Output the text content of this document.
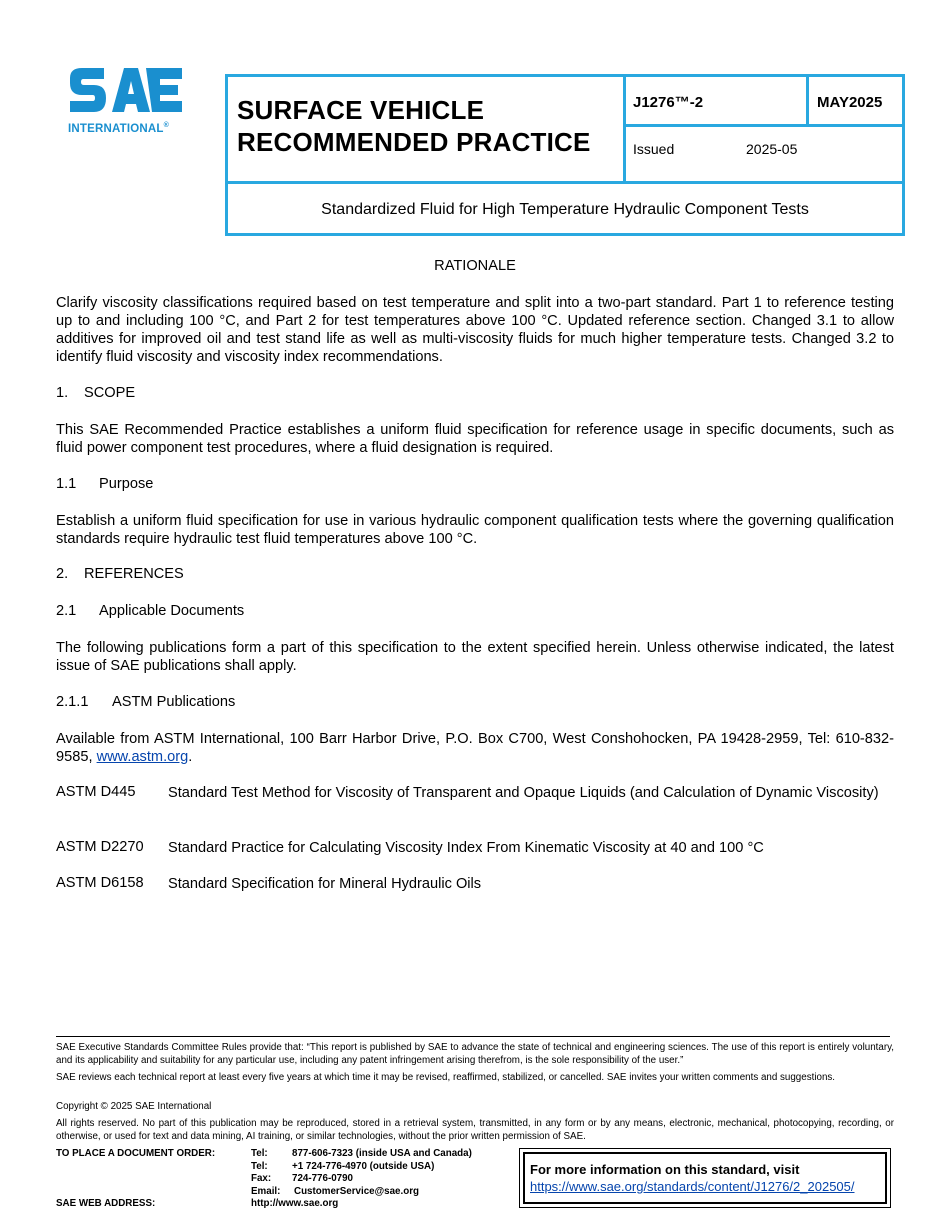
INTERNATIONAL®
SURFACE VEHICLE
RECOMMENDED PRACTICE
J1276™-2	MAY2025
Issued	2025-05
Standardized Fluid for High Temperature Hydraulic Component Tests
RATIONALE
Clarify viscosity classifications required based on test temperature and split into a two-part standard. Part 1 to reference testing up to and including 100 °C, and Part 2 for test temperatures above 100 °C. Updated reference section. Changed 3.1 to allow additives for improved oil and test stand life as well as multi-viscosity fluids for much higher temperature tests. Changed 3.2 to identify fluid viscosity and viscosity index recommendations.
1. SCOPE
This SAE Recommended Practice establishes a uniform fluid specification for reference usage in specific documents, such as fluid power component test procedures, where a fluid designation is required.
1.1 Purpose
Establish a uniform fluid specification for use in various hydraulic component qualification tests where the governing qualification standards require hydraulic test fluid temperatures above 100 °C.
2. REFERENCES
2.1 Applicable Documents
The following publications form a part of this specification to the extent specified herein. Unless otherwise indicated, the latest issue of SAE publications shall apply.
2.1.1 ASTM Publications
Available from ASTM International, 100 Barr Harbor Drive, P.O. Box C700, West Conshohocken, PA 19428-2959, Tel: 610-832-9585, www.astm.org.
ASTM D445 Standard Test Method for Viscosity of Transparent and Opaque Liquids (and Calculation of Dynamic Viscosity)
ASTM D2270 Standard Practice for Calculating Viscosity Index From Kinematic Viscosity at 40 and 100 °C
ASTM D6158 Standard Specification for Mineral Hydraulic Oils
SAE Executive Standards Committee Rules provide that: “This report is published by SAE to advance the state of technical and engineering sciences. The use of this report is entirely voluntary, and its applicability and suitability for any particular use, including any patent infringement arising therefrom, is the sole responsibility of the user.”
SAE reviews each technical report at least every five years at which time it may be revised, reaffirmed, stabilized, or cancelled. SAE invites your written comments and suggestions.
Copyright © 2025 SAE International
All rights reserved. No part of this publication may be reproduced, stored in a retrieval system, transmitted, in any form or by any means, electronic, mechanical, photocopying, recording, or otherwise, or used for text and data mining, AI training, or similar technologies, without the prior written permission of SAE.
TO PLACE A DOCUMENT ORDER:
SAE WEB ADDRESS:
Tel: 877-606-7323 (inside USA and Canada)
Tel: +1 724-776-4970 (outside USA)
Fax: 724-776-0790
Email: CustomerService@sae.org
http://www.sae.org
For more information on this standard, visit
https://www.sae.org/standards/content/J1276/2_202505/
